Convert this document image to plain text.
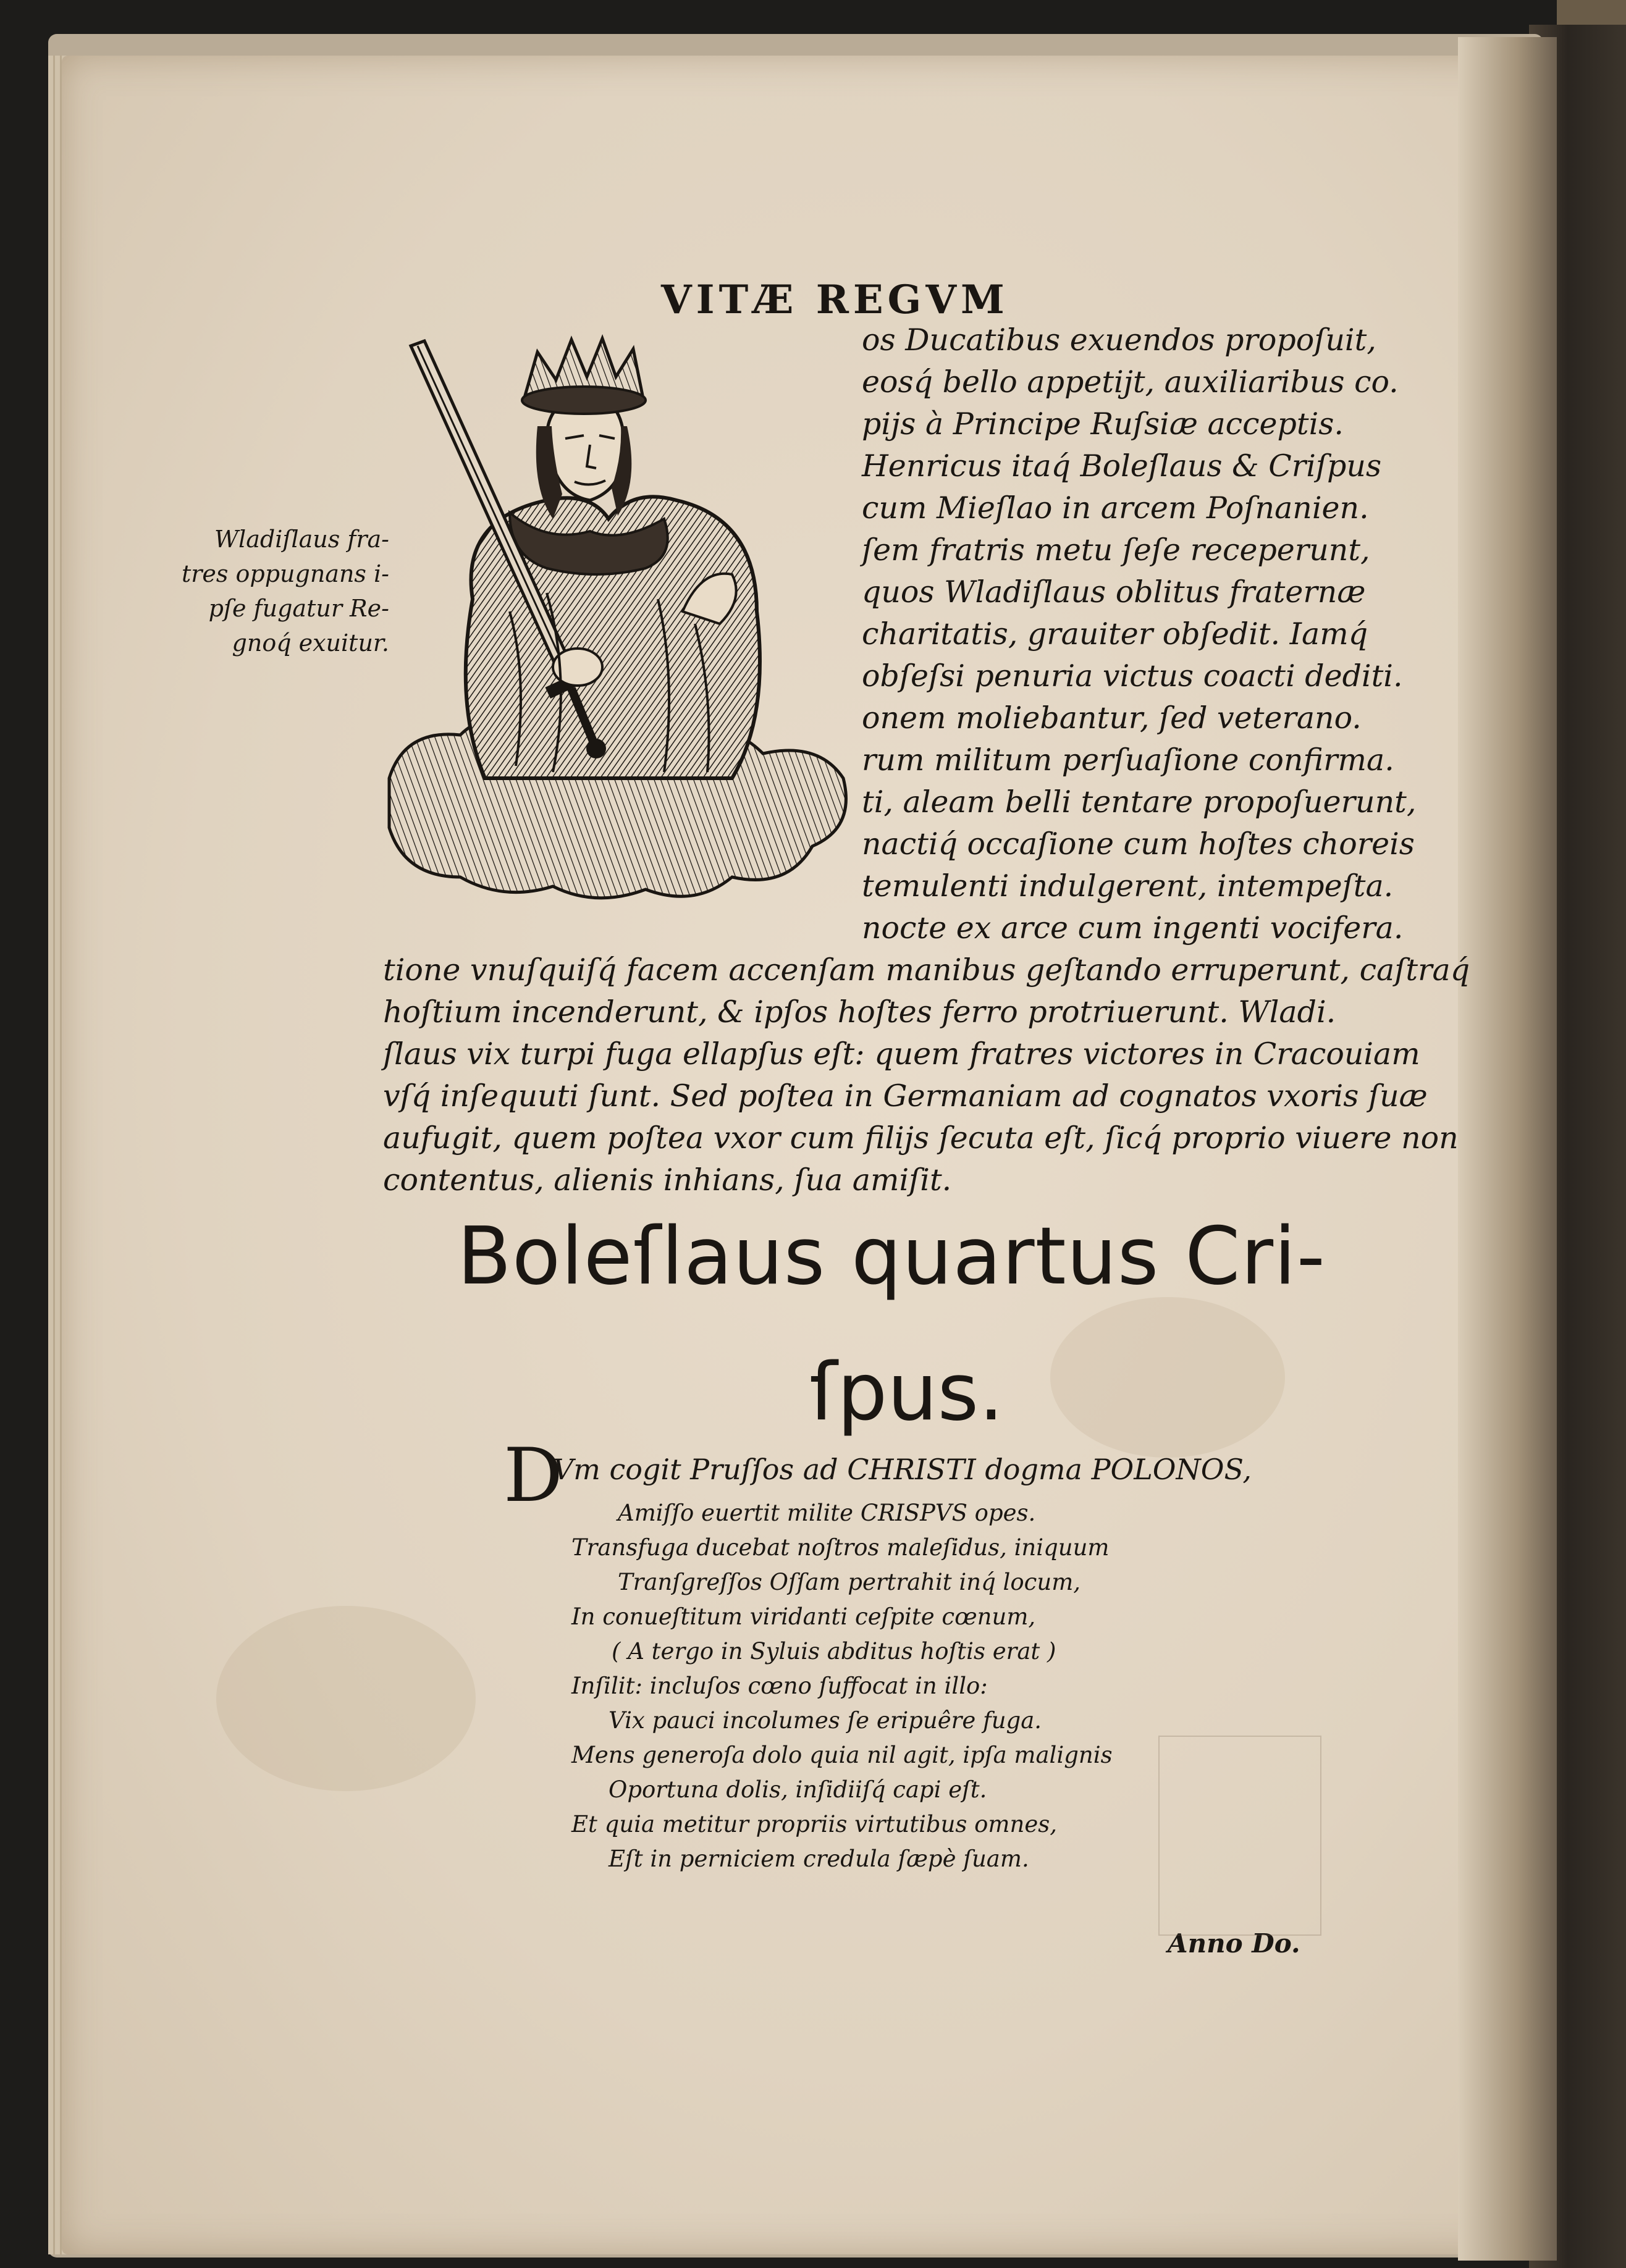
VITÆ REGVM
Wladiſlaus fra-
tres oppugnans i-
pſe fugatur Re-
gnoq́ exuitur.
os Ducatibus exuendos propoſuit,
eosq́ bello appetijt, auxiliaribus co.
pijs à Principe Ruſsiæ acceptis.
Henricus itaq́ Boleſlaus & Criſpus
cum Mieſlao in arcem Poſnanien.
ſem fratris metu ſeſe receperunt,
quos Wladiſlaus oblitus fraternæ
charitatis, grauiter obſedit. Iamq́
obſeſsi penuria victus coacti dediti.
onem moliebantur, ſed veterano.
rum militum perſuaſione confirma.
ti, aleam belli tentare propoſuerunt,
nactiq́ occaſione cum hoſtes choreis
temulenti indulgerent, intempeſta.
nocte ex arce cum ingenti vocifera.
tione vnuſquiſq́ facem accenſam manibus geſtando erruperunt, caſtraq́
hoſtium incenderunt, & ipſos hoſtes ferro protriuerunt. Wladi.
ſlaus vix turpi fuga ellapſus eſt: quem fratres victores in Cracouiam
vſq́ inſequuti ſunt. Sed poſtea in Germaniam ad cognatos vxoris ſuæ
aufugit, quem poſtea vxor cum filijs ſecuta eſt, ſicq́ proprio viuere non
contentus, alienis inhians, ſua amiſit.
Boleſlaus quartus Cri-
ſpus.
D
Vm cogit Pruſſos ad CHRISTI dogma POLONOS,
Amiſſo euertit milite CRISPVS opes.
Transfuga ducebat noſtros maleſidus, iniquum
Tranſgreſſos Oſſam pertrahit inq́ locum,
In conueſtitum viridanti ceſpite cœnum,
( A tergo in Syluis abditus hoſtis erat )
Inſilit: incluſos cœno ſuffocat in illo:
Vix pauci incolumes ſe eripuêre fuga.
Mens generoſa dolo quia nil agit, ipſa malignis
Oportuna dolis, inſidiiſq́ capi eſt.
Et quia metitur propriis virtutibus omnes,
Eſt in perniciem credula ſæpè ſuam.
Anno Do.
